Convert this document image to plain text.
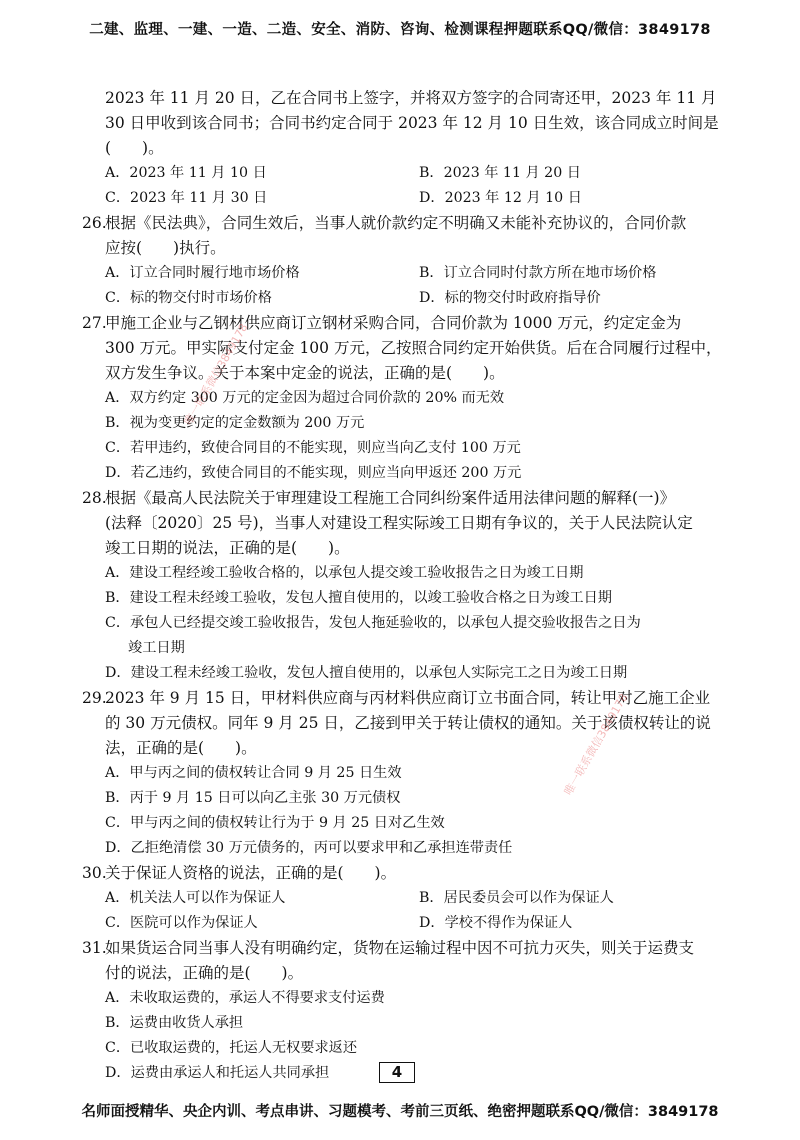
二建、监理、一建、一造、二造、安全、消防、咨询、检测课程押题联系QQ/微信：3849178
2023 年 11 月 20 日，乙在合同书上签字，并将双方签字的合同寄还甲，2023 年 11 月
30 日甲收到该合同书；合同书约定合同于 2023 年 12 月 10 日生效，该合同成立时间是
(　　)。
A．2023 年 11 月 10 日	B．2023 年 11 月 20 日
C．2023 年 11 月 30 日	D．2023 年 12 月 10 日
26.根据《民法典》，合同生效后，当事人就价款约定不明确又未能补充协议的，合同价款
应按(　　)执行。
A．订立合同时履行地市场价格	B．订立合同时付款方所在地市场价格
C．标的物交付时市场价格	D．标的物交付时政府指导价
27.甲施工企业与乙钢材供应商订立钢材采购合同，合同价款为 1000 万元，约定定金为
300 万元。甲实际支付定金 100 万元，乙按照合同约定开始供货。后在合同履行过程中，
双方发生争议。关于本案中定金的说法，正确的是(　　)。
A．双方约定 300 万元的定金因为超过合同价款的 20% 而无效
B．视为变更约定的定金数额为 200 万元
C．若甲违约，致使合同目的不能实现，则应当向乙支付 100 万元
D．若乙违约，致使合同目的不能实现，则应当向甲返还 200 万元
28.根据《最高人民法院关于审理建设工程施工合同纠纷案件适用法律问题的解释(一)》
(法释〔2020〕25 号)，当事人对建设工程实际竣工日期有争议的，关于人民法院认定
竣工日期的说法，正确的是(　　)。
A．建设工程经竣工验收合格的，以承包人提交竣工验收报告之日为竣工日期
B．建设工程未经竣工验收，发包人擅自使用的，以竣工验收合格之日为竣工日期
C．承包人已经提交竣工验收报告，发包人拖延验收的，以承包人提交验收报告之日为
竣工日期
D．建设工程未经竣工验收，发包人擅自使用的，以承包人实际完工之日为竣工日期
29.2023 年 9 月 15 日，甲材料供应商与丙材料供应商订立书面合同，转让甲对乙施工企业
的 30 万元债权。同年 9 月 25 日，乙接到甲关于转让债权的通知。关于该债权转让的说
法，正确的是(　　)。
A．甲与丙之间的债权转让合同 9 月 25 日生效
B．丙于 9 月 15 日可以向乙主张 30 万元债权
C．甲与丙之间的债权转让行为于 9 月 25 日对乙生效
D．乙拒绝清偿 30 万元债务的，丙可以要求甲和乙承担连带责任
30.关于保证人资格的说法，正确的是(　　)。
A．机关法人可以作为保证人	B．居民委员会可以作为保证人
C．医院可以作为保证人	D．学校不得作为保证人
31.如果货运合同当事人没有明确约定，货物在运输过程中因不可抗力灭失，则关于运费支
付的说法，正确的是(　　)。
A．未收取运费的，承运人不得要求支付运费
B．运费由收货人承担
C．已收取运费的，托运人无权要求返还
D．运费由承运人和托运人共同承担
唯一联系微信3849178
唯一联系微信3849178
4
名师面授精华、央企内训、考点串讲、习题模考、考前三页纸、绝密押题联系QQ/微信：3849178
